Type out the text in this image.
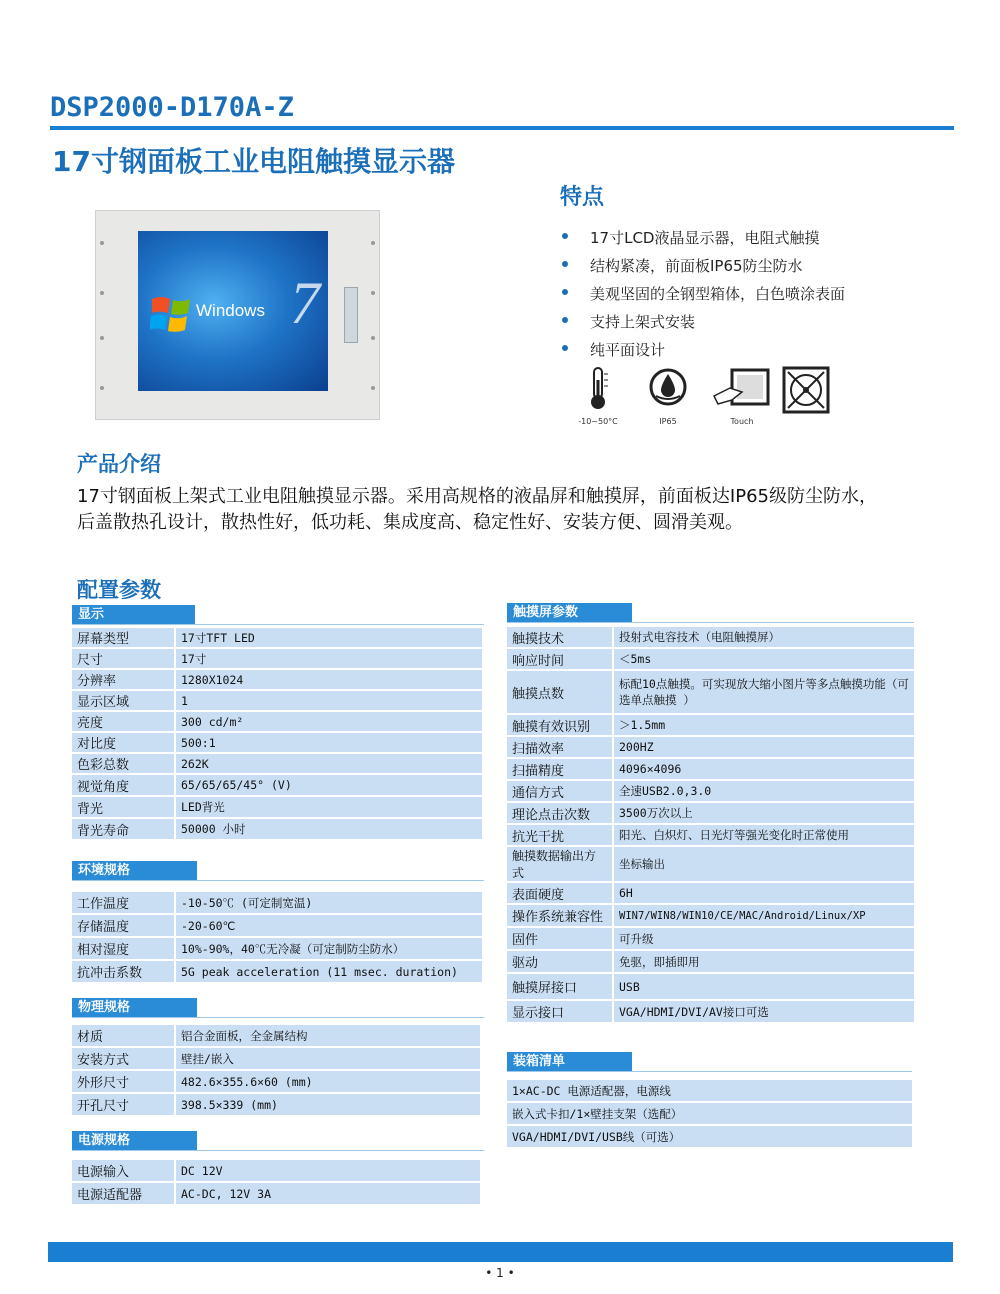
DSP2000-D170A-Z
17寸钢面板工业电阻触摸显示器
Windows 7
特点
17寸LCD液晶显示器，电阻式触摸
结构紧凑，前面板IP65防尘防水
美观坚固的全钢型箱体，白色喷涂表面
支持上架式安装
纯平面设计
-10~50°C	IP65	Touch
产品介绍
17寸钢面板上架式工业电阻触摸显示器。采用高规格的液晶屏和触摸屏，前面板达IP65级防尘防水，后盖散热孔设计，散热性好，低功耗、集成度高、稳定性好、安装方便、圆滑美观。
配置参数
显示
屏幕类型	17寸TFT LED
尺寸	17寸
分辨率	1280X1024
显示区域	1
亮度	300 cd/m²
对比度	500:1
色彩总数	262K
视觉角度	65/65/65/45° (V)
背光	LED背光
背光寿命	50000 小时
环境规格
工作温度	-10-50℃ (可定制宽温)
存储温度	-20-60℃
相对湿度	10%-90%，40℃无冷凝（可定制防尘防水）
抗冲击系数	5G peak acceleration (11 msec. duration)
物理规格
材质	铝合金面板，全金属结构
安装方式	壁挂/嵌入
外形尺寸	482.6×355.6×60 (mm)
开孔尺寸	398.5×339 (mm)
电源规格
电源输入	DC 12V
电源适配器	AC-DC, 12V 3A
触摸屏参数
触摸技术	投射式电容技术（电阻触摸屏）
响应时间	＜5ms
触摸点数	标配10点触摸。可实现放大缩小图片等多点触摸功能（可选单点触摸 ）
触摸有效识别	＞1.5mm
扫描效率	200HZ
扫描精度	4096×4096
通信方式	全速USB2.0,3.0
理论点击次数	3500万次以上
抗光干扰	阳光、白炽灯、日光灯等强光变化时正常使用
触摸数据输出方式	坐标输出
表面硬度	6H
操作系统兼容性	WIN7/WIN8/WIN10/CE/MAC/Android/Linux/XP
固件	可升级
驱动	免驱，即插即用
触摸屏接口	USB
显示接口	VGA/HDMI/DVI/AV接口可选
装箱清单
1×AC-DC 电源适配器，电源线
嵌入式卡扣/1×壁挂支架（选配）
VGA/HDMI/DVI/USB线（可选）
• 1 •
